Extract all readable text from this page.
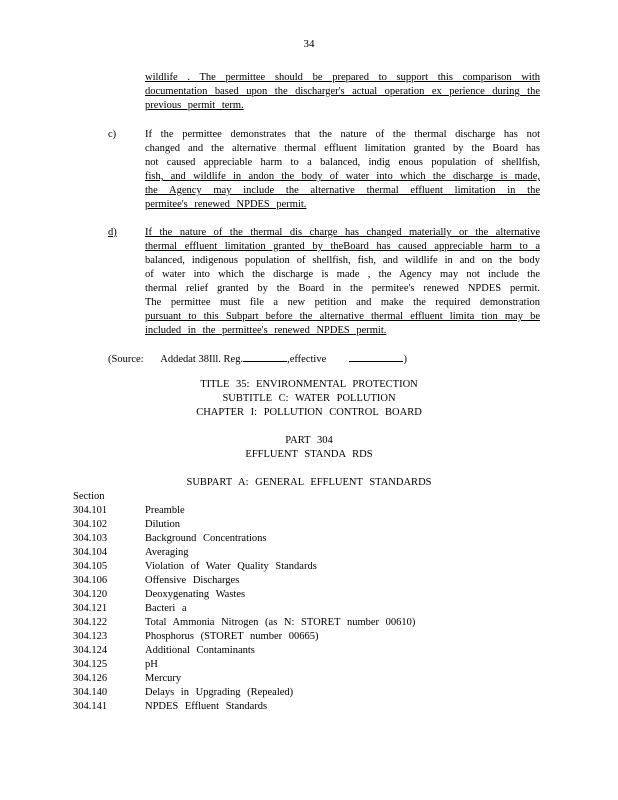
34
wildlife . The permittee should be prepared to support this comparison with
documentation based upon the discharger's actual operation ex perience during the
previous permit term.
c)	If the permittee demonstrates that the nature of the thermal discharge has not
changed and the alternative thermal effluent limitation granted by the Board has
not caused appreciable harm to a balanced, indig enous population of shellfish,
fish, and wildlife in andon the body of water into which the discharge is made,
the Agency may include the alternative thermal effluent limitation in the
permitee's renewed NPDES permit.
d)	If the nature of the thermal dis charge has changed materially or the alternative
thermal effluent limitation granted by theBoard has caused appreciable harm to a
balanced, indigenous population of shellfish, fish, and wildlife in and on the body
of water into which the discharge is made , the Agency may not include the
thermal relief granted by the Board in the permitee's renewed NPDES permit.
The permittee must file a new petition and make the required demonstration
pursuant to this Subpart before the alternative thermal effluent limita tion may be
included in the permittee's renewed NPDES permit.
(Source: Addedat 38Ill. Reg.	,effective	)
TITLE 35: ENVIRONMENTAL PROTECTION
SUBTITLE C: WATER POLLUTION
CHAPTER I: POLLUTION CONTROL BOARD
PART 304
EFFLUENT STANDA RDS
SUBPART A: GENERAL EFFLUENT STANDARDS
Section
304.101	Preamble
304.102	Dilution
304.103	Background Concentrations
304.104	Averaging
304.105	Violation of Water Quality Standards
304.106	Offensive Discharges
304.120	Deoxygenating Wastes
304.121	Bacteri a
304.122	Total Ammonia Nitrogen (as N: STORET number 00610)
304.123	Phosphorus (STORET number 00665)
304.124	Additional Contaminants
304.125	pH
304.126	Mercury
304.140	Delays in Upgrading (Repealed)
304.141	NPDES Effluent Standards
